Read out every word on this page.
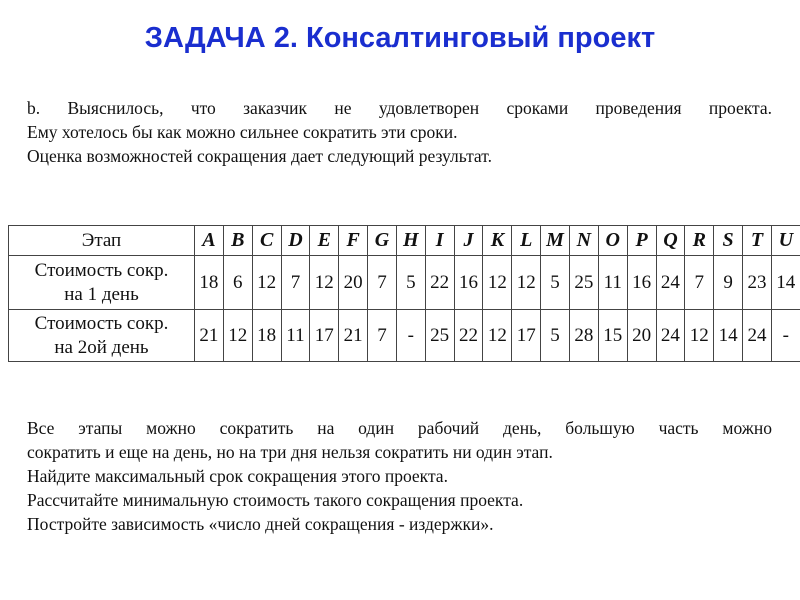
ЗАДАЧА 2. Консалтинговый проект

b. Выяснилось, что заказчик не удовлетворен сроками проведения проекта.

Ему хотелось бы как можно сильнее сократить эти сроки.

Оценка возможностей сокращения дает следующий результат.

Этап	A	B	C	D	E	F	G	H	I	J	K	L	M	N	O	P	Q	R	S	T	U
Стоимость сокр.
на 1 день	18	6	12	7	12	20	7	5	22	16	12	12	5	25	11	16	24	7	9	23	14
Стоимость сокр.
на 2ой день	21	12	18	11	17	21	7	-	25	22	12	17	5	28	15	20	24	12	14	24	-

Все этапы можно сократить на один рабочий день, большую часть можно

сократить и еще на день, но на три дня нельзя сократить ни один этап.

Найдите максимальный срок сокращения этого проекта.

Рассчитайте минимальную стоимость такого сокращения проекта.

Постройте зависимость «число дней сокращения - издержки».
